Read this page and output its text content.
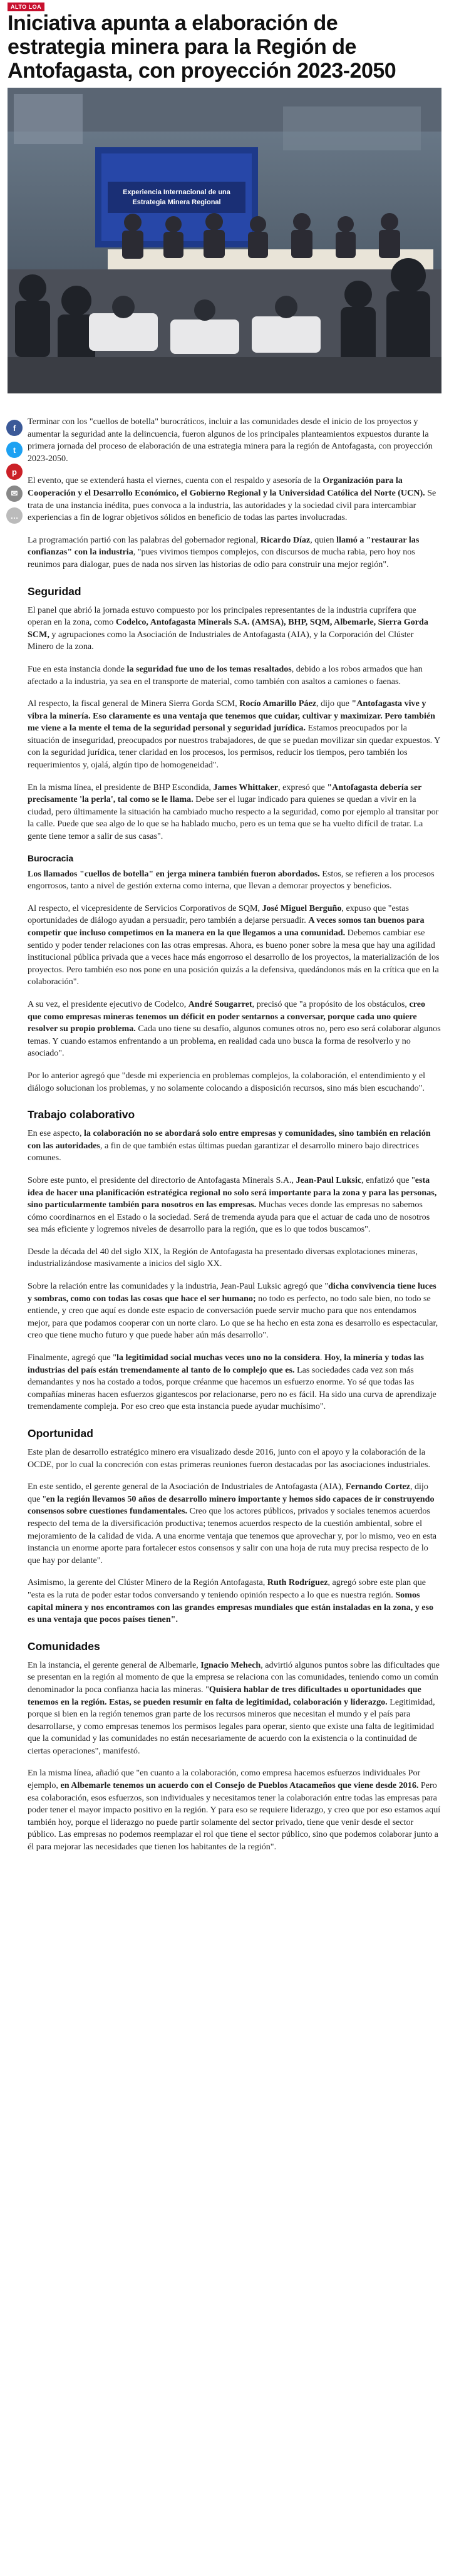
ALTO LOA
Iniciativa apunta a elaboración de estrategia minera para la Región de Antofagasta, con proyección 2023-2050
Experiencia Internacional de una
Estrategia Minera Regional
f
t
p
✉
…

Terminar con los "cuellos de botella" burocráticos, incluir a las comunidades desde el inicio de los proyectos y aumentar la seguridad ante la delincuencia, fueron algunos de los principales planteamientos expuestos durante la primera jornada del proceso de elaboración de una estrategia minera para la región de Antofagasta, con proyección 2023-2050.

El evento, que se extenderá hasta el viernes, cuenta con el respaldo y asesoría de la Organización para la Cooperación y el Desarrollo Económico, el Gobierno Regional y la Universidad Católica del Norte (UCN). Se trata de una instancia inédita, pues convoca a la industria, las autoridades y la sociedad civil para intercambiar experiencias a fin de lograr objetivos sólidos en beneficio de todas las partes involucradas.

La programación partió con las palabras del gobernador regional, Ricardo Díaz, quien llamó a "restaurar las confianzas" con la industria, "pues vivimos tiempos complejos, con discursos de mucha rabia, pero hoy nos reunimos para dialogar, pues de nada nos sirven las historias de odio para construir una mejor región".

Seguridad

El panel que abrió la jornada estuvo compuesto por los principales representantes de la industria cuprífera que operan en la zona, como Codelco, Antofagasta Minerals S.A. (AMSA), BHP, SQM, Albemarle, Sierra Gorda SCM, y agrupaciones como la Asociación de Industriales de Antofagasta (AIA), y la Corporación del Clúster Minero de la zona.

Fue en esta instancia donde la seguridad fue uno de los temas resaltados, debido a los robos armados que han afectado a la industria, ya sea en el transporte de material, como también con asaltos a camiones o faenas.

Al respecto, la fiscal general de Minera Sierra Gorda SCM, Rocío Amarillo Páez, dijo que "Antofagasta vive y vibra la minería. Eso claramente es una ventaja que tenemos que cuidar, cultivar y maximizar. Pero también me viene a la mente el tema de la seguridad personal y seguridad jurídica. Estamos preocupados por la situación de inseguridad, preocupados por nuestros trabajadores, de que se puedan movilizar sin quedar expuestos. Y con la seguridad jurídica, tener claridad en los procesos, los permisos, reducir los tiempos, pero también los requerimientos y, ojalá, algún tipo de homogeneidad".

En la misma línea, el presidente de BHP Escondida, James Whittaker, expresó que "Antofagasta debería ser precisamente 'la perla', tal como se le llama. Debe ser el lugar indicado para quienes se quedan a vivir en la ciudad, pero últimamente la situación ha cambiado mucho respecto a la seguridad, como por ejemplo al transitar por la calle. Puede que sea algo de lo que se ha hablado mucho, pero es un tema que se ha vuelto difícil de tratar. La gente tiene temor a salir de sus casas".

Burocracia

Los llamados "cuellos de botella" en jerga minera también fueron abordados. Estos, se refieren a los procesos engorrosos, tanto a nivel de gestión externa como interna, que llevan a demorar proyectos y beneficios.

Al respecto, el vicepresidente de Servicios Corporativos de SQM, José Miguel Berguño, expuso que "estas oportunidades de diálogo ayudan a persuadir, pero también a dejarse persuadir. A veces somos tan buenos para competir que incluso competimos en la manera en la que llegamos a una comunidad. Debemos cambiar ese sentido y poder tender relaciones con las otras empresas. Ahora, es bueno poner sobre la mesa que hay una agilidad institucional pública privada que a veces hace más engorroso el desarrollo de los proyectos, la materialización de los proyectos. Pero también eso nos pone en una posición quizás a la defensiva, quedándonos más en la crítica que en la colaboración".

A su vez, el presidente ejecutivo de Codelco, André Sougarret, precisó que "a propósito de los obstáculos, creo que como empresas mineras tenemos un déficit en poder sentarnos a conversar, porque cada uno quiere resolver su propio problema. Cada uno tiene su desafío, algunos comunes otros no, pero eso será colaborar algunos temas. Y cuando estamos enfrentando a un problema, en realidad cada uno busca la forma de resolverlo y no asociado".

Por lo anterior agregó que "desde mi experiencia en problemas complejos, la colaboración, el entendimiento y el diálogo solucionan los problemas, y no solamente colocando a disposición recursos, sino más bien escuchando".

Trabajo colaborativo

En ese aspecto, la colaboración no se abordará solo entre empresas y comunidades, sino también en relación con las autoridades, a fin de que también estas últimas puedan garantizar el desarrollo minero bajo directrices comunes.

Sobre este punto, el presidente del directorio de Antofagasta Minerals S.A., Jean-Paul Luksic, enfatizó que "esta idea de hacer una planificación estratégica regional no solo será importante para la zona y para las personas, sino particularmente también para nosotros en las empresas. Muchas veces donde las empresas no sabemos cómo coordinarnos en el Estado o la sociedad. Será de tremenda ayuda para que el actuar de cada uno de nosotros sea más eficiente y logremos niveles de desarrollo para la región, que es lo que todos buscamos".

Desde la década del 40 del siglo XIX, la Región de Antofagasta ha presentado diversas explotaciones mineras, industrializándose masivamente a inicios del siglo XX.

Sobre la relación entre las comunidades y la industria, Jean-Paul Luksic agregó que "dicha convivencia tiene luces y sombras, como con todas las cosas que hace el ser humano; no todo es perfecto, no todo sale bien, no todo se entiende, y creo que aquí es donde este espacio de conversación puede servir mucho para que nos entendamos mejor, para que podamos cooperar con un norte claro. Lo que se ha hecho en esta zona es desarrollo es espectacular, creo que tiene mucho futuro y que puede haber aún más desarrollo".

Finalmente, agregó que "la legitimidad social muchas veces uno no la considera. Hoy, la minería y todas las industrias del país están tremendamente al tanto de lo complejo que es. Las sociedades cada vez son más demandantes y nos ha costado a todos, porque créanme que hacemos un esfuerzo enorme. Yo sé que todas las compañías mineras hacen esfuerzos gigantescos por relacionarse, pero no es fácil. Ha sido una curva de aprendizaje tremendamente compleja. Por eso creo que esta instancia puede ayudar muchísimo".

Oportunidad

Este plan de desarrollo estratégico minero era visualizado desde 2016, junto con el apoyo y la colaboración de la OCDE, por lo cual la concreción con estas primeras reuniones fueron destacadas por las asociaciones industriales.

En este sentido, el gerente general de la Asociación de Industriales de Antofagasta (AIA), Fernando Cortez, dijo que "en la región llevamos 50 años de desarrollo minero importante y hemos sido capaces de ir construyendo consensos sobre cuestiones fundamentales. Creo que los actores públicos, privados y sociales tenemos acuerdos respecto del tema de la diversificación productiva; tenemos acuerdos respecto de la cuestión ambiental, sobre el mejoramiento de la calidad de vida. A una enorme ventaja que tenemos que aprovechar y, por lo mismo, veo en esta instancia un enorme aporte para fortalecer estos consensos y salir con una hoja de ruta muy precisa respecto de lo que hay por delante".

Asimismo, la gerente del Clúster Minero de la Región Antofagasta, Ruth Rodríguez, agregó sobre este plan que "esta es la ruta de poder estar todos conversando y teniendo opinión respecto a lo que es nuestra región. Somos capital minera y nos encontramos con las grandes empresas mundiales que están instaladas en la zona, y eso es una ventaja que pocos países tienen".

Comunidades

En la instancia, el gerente general de Albemarle, Ignacio Mehech, advirtió algunos puntos sobre las dificultades que se presentan en la región al momento de que la empresa se relaciona con las comunidades, teniendo como un común denominador la poca confianza hacia las mineras. "Quisiera hablar de tres dificultades u oportunidades que tenemos en la región. Estas, se pueden resumir en falta de legitimidad, colaboración y liderazgo. Legitimidad, porque si bien en la región tenemos gran parte de los recursos mineros que necesitan el mundo y el país para desarrollarse, y como empresas tenemos los permisos legales para operar, siento que existe una falta de legitimidad que la comunidad y las comunidades no están necesariamente de acuerdo con la existencia o la continuidad de ciertas operaciones", manifestó.

En la misma línea, añadió que "en cuanto a la colaboración, como empresa hacemos esfuerzos individuales Por ejemplo, en Albemarle tenemos un acuerdo con el Consejo de Pueblos Atacameños que viene desde 2016. Pero esa colaboración, esos esfuerzos, son individuales y necesitamos tener la colaboración entre todas las empresas para poder tener el mayor impacto positivo en la región. Y para eso se requiere liderazgo, y creo que por eso estamos aquí también hoy, porque el liderazgo no puede partir solamente del sector privado, tiene que venir desde el sector público. Las empresas no podemos reemplazar el rol que tiene el sector público, sino que podemos colaborar junto a él para mejorar las necesidades que tienen los habitantes de la región".
